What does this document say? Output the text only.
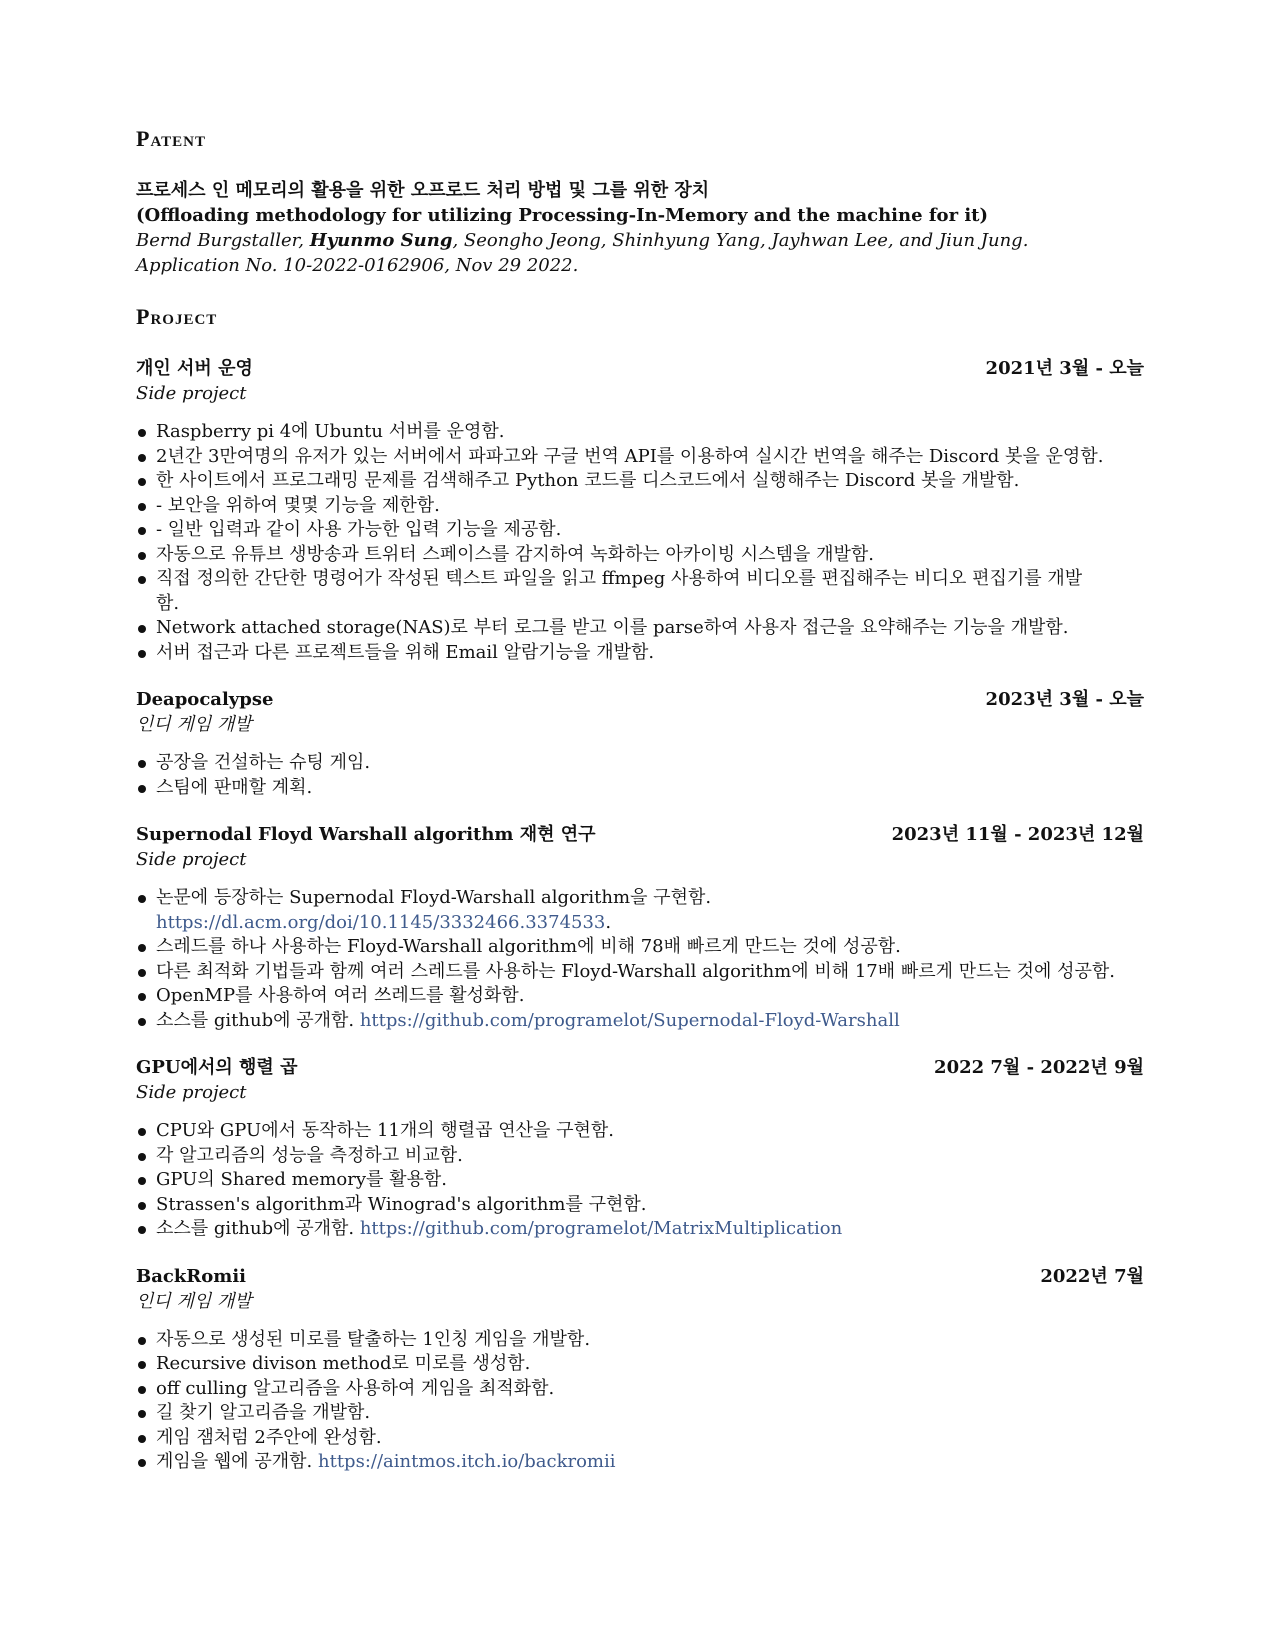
Patent
프로세스 인 메모리의 활용을 위한 오프로드 처리 방법 및 그를 위한 장치
(Offloading methodology for utilizing Processing-In-Memory and the machine for it)
Bernd Burgstaller, Hyunmo Sung, Seongho Jeong, Shinhyung Yang, Jayhwan Lee, and Jiun Jung.
Application No. 10-2022-0162906, Nov 29 2022.
Project
개인 서버 운영	2021년 3월 - 오늘
Side project
Raspberry pi 4에 Ubuntu 서버를 운영함.
2년간 3만여명의 유저가 있는 서버에서 파파고와 구글 번역 API를 이용하여 실시간 번역을 해주는 Discord 봇을 운영함.
한 사이트에서 프로그래밍 문제를 검색해주고 Python 코드를 디스코드에서 실행해주는 Discord 봇을 개발함.
- 보안을 위하여 몇몇 기능을 제한함.
- 일반 입력과 같이 사용 가능한 입력 기능을 제공함.
자동으로 유튜브 생방송과 트위터 스페이스를 감지하여 녹화하는 아카이빙 시스템을 개발함.
직접 정의한 간단한 명령어가 작성된 텍스트 파일을 읽고 ffmpeg 사용하여 비디오를 편집해주는 비디오 편집기를 개발함.
Network attached storage(NAS)로 부터 로그를 받고 이를 parse하여 사용자 접근을 요약해주는 기능을 개발함.
서버 접근과 다른 프로젝트들을 위해 Email 알람기능을 개발함.
Deapocalypse	2023년 3월 - 오늘
인디 게임 개발
공장을 건설하는 슈팅 게임.
스팀에 판매할 계획.
Supernodal Floyd Warshall algorithm 재현 연구	2023년 11월 - 2023년 12월
Side project
논문에 등장하는 Supernodal Floyd-Warshall algorithm을 구현함.
https://dl.acm.org/doi/10.1145/3332466.3374533.
스레드를 하나 사용하는 Floyd-Warshall algorithm에 비해 78배 빠르게 만드는 것에 성공함.
다른 최적화 기법들과 함께 여러 스레드를 사용하는 Floyd-Warshall algorithm에 비해 17배 빠르게 만드는 것에 성공함.
OpenMP를 사용하여 여러 쓰레드를 활성화함.
소스를 github에 공개함. https://github.com/programelot/Supernodal-Floyd-Warshall
GPU에서의 행렬 곱	2022 7월 - 2022년 9월
Side project
CPU와 GPU에서 동작하는 11개의 행렬곱 연산을 구현함.
각 알고리즘의 성능을 측정하고 비교함.
GPU의 Shared memory를 활용함.
Strassen's algorithm과 Winograd's algorithm를 구현함.
소스를 github에 공개함. https://github.com/programelot/MatrixMultiplication
BackRomii	2022년 7월
인디 게임 개발
자동으로 생성된 미로를 탈출하는 1인칭 게임을 개발함.
Recursive divison method로 미로를 생성함.
off culling 알고리즘을 사용하여 게임을 최적화함.
길 찾기 알고리즘을 개발함.
게임 잼처럼 2주안에 완성함.
게임을 웹에 공개함. https://aintmos.itch.io/backromii
